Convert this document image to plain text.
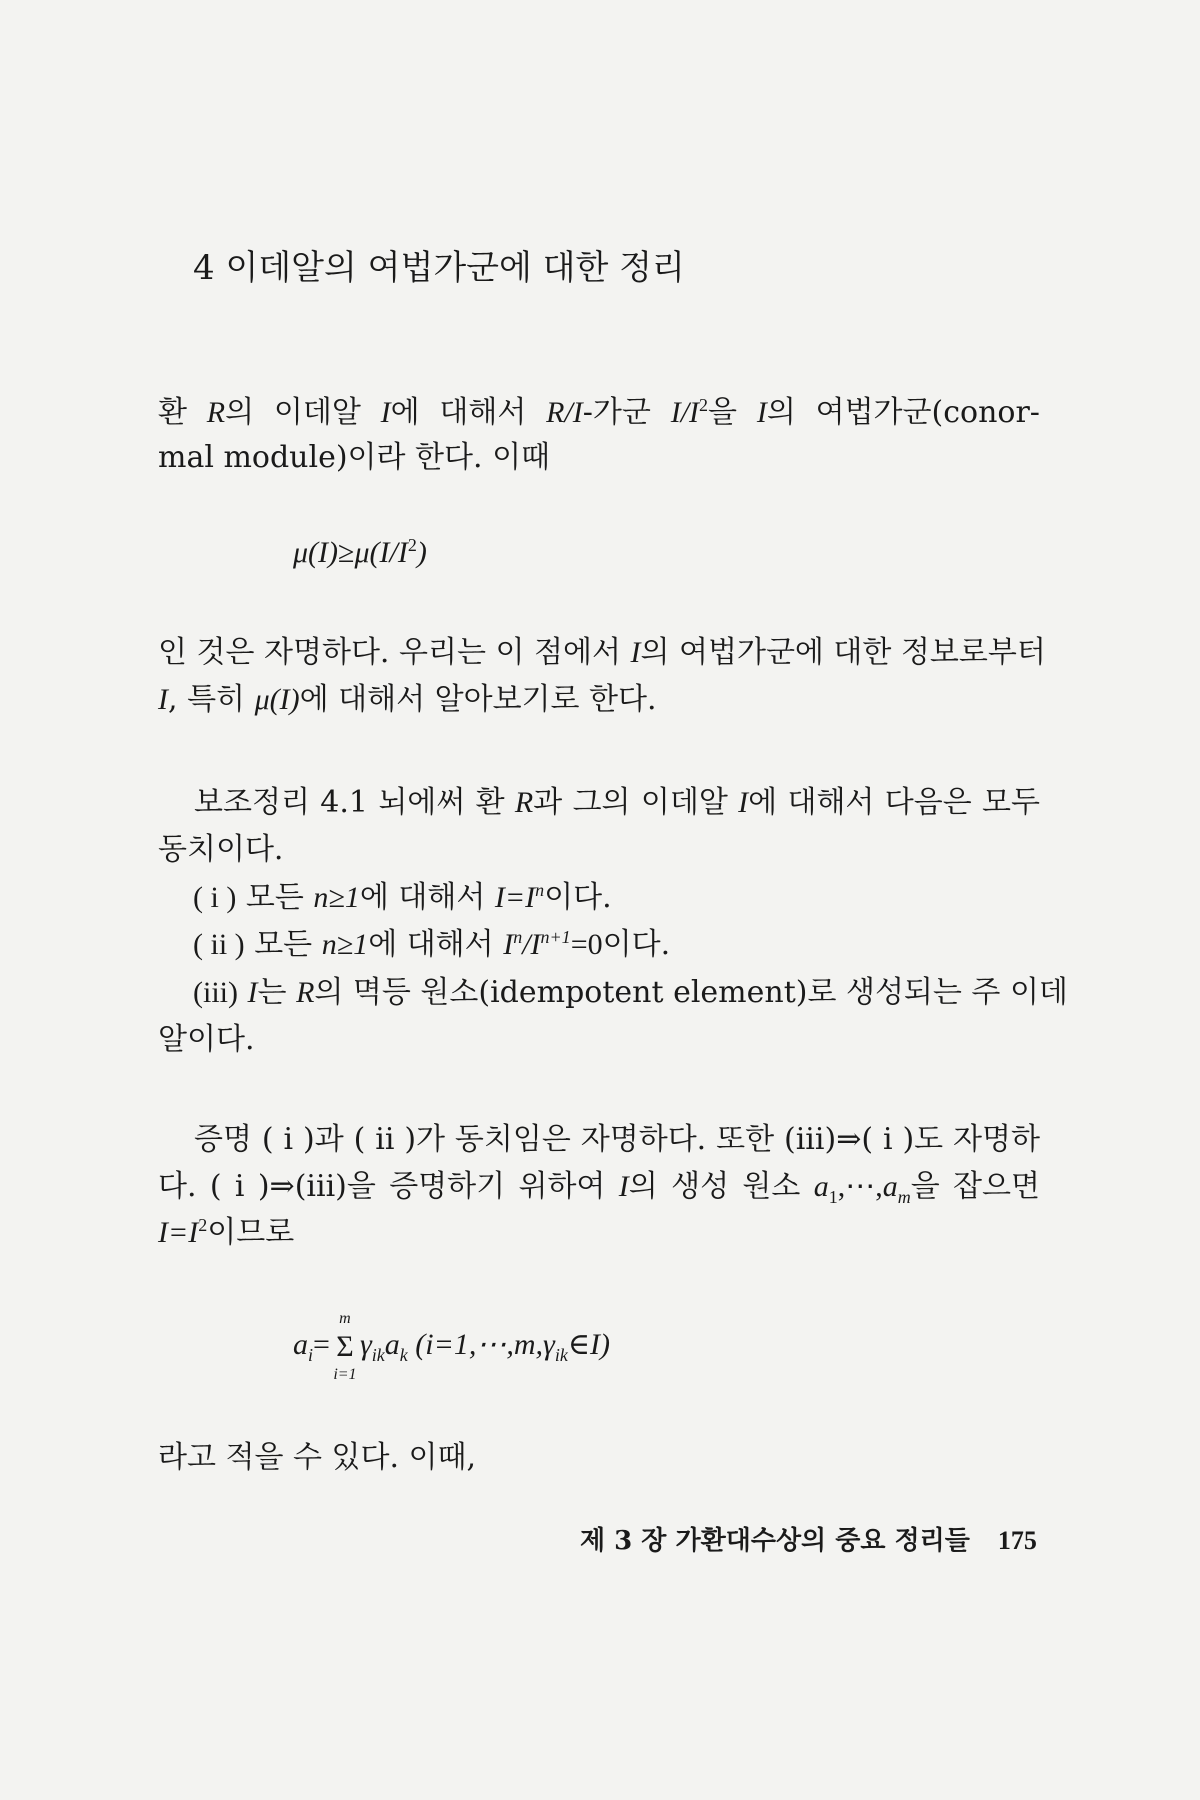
4 이데알의 여법가군에 대한 정리
환 R의 이데알 I에 대해서 R/I-가군 $I/I^2$을 I의 여법가군(conor-
mal module)이라 한다. 이때
$\mu(I)\ge\mu(I/I^2)$
인 것은 자명하다. 우리는 이 점에서 I의 여법가군에 대한 정보로부터
I, 특히 μ(I)에 대해서 알아보기로 한다.
보조정리 4.1 뇌에써 환 R과 그의 이데알 I에 대해서 다음은 모두
동치이다.
( i ) 모든 n≥1에 대해서 $I=I^n$이다.
( ii ) 모든 n≥1에 대해서 $I^n/I^{n+1}=0$이다.
(iii) I는 R의 멱등 원소(idempotent element)로 생성되는 주 이데
알이다.
증명 ( i )과 ( ii )가 동치임은 자명하다. 또한 (iii)⇒( i )도 자명하
다. ( i )⇒(iii)을 증명하기 위하여 I의 생성 원소 $a_1,\cdots,a_m$을 잡으면
$I=I^2$이므로
$a_i=$
m
Σ
i=1
$\gamma_{ik}a_k$ $(i=1,\cdots,m,\gamma_{ik}\in I)$
라고 적을 수 있다. 이때,
제 3 장 가환대수상의 중요 정리들 175
